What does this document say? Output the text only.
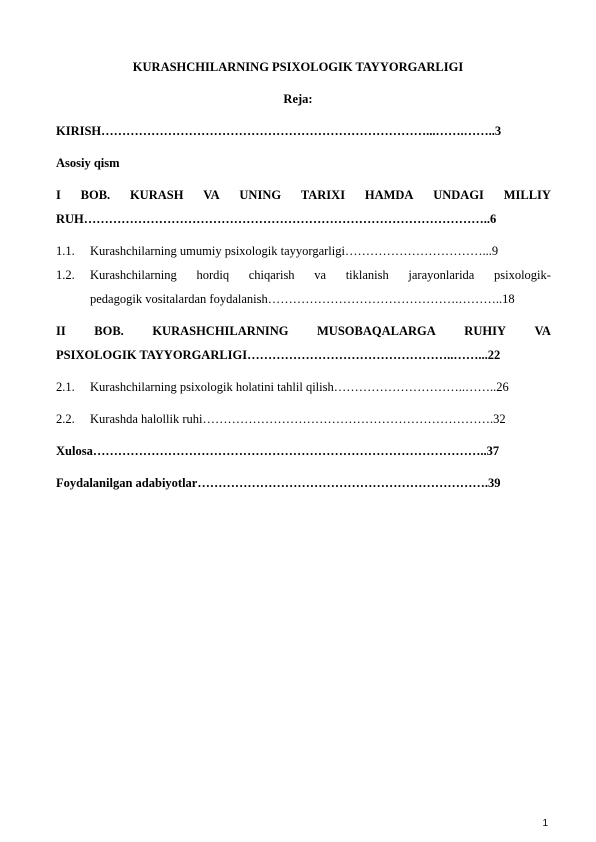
KURASHCHILARNING PSIXOLOGIK TAYYORGARLIGI
Reja:
KIRISH……………………………………………………………………...…….……..3
Asosiy qism
I BOB. KURASH VA UNING TARIXI HAMDA UNDAGI MILLIY
RUH……………………………………………………………………………………..6
1.1. Kurashchilarning umumiy psixologik tayyorgarligi……………………………...9
1.2. Kurashchilarning hordiq chiqarish va tiklanish jarayonlarida psixologik-
pedagogik vositalardan foydalanish……………………………………….………..18
II BOB. KURASHCHILARNING MUSOBAQALARGA RUHIY VA
PSIXOLOGIK TAYYORGARLIGI…………………………………………..……...22
2.1. Kurashchilarning psixologik holatini tahlil qilish…………………………..……..26
2.2. Kurashda halollik ruhi…………………………………………………………….32
Xulosa…………………………………………………………………………………..37
Foydalanilgan adabiyotlar…………………………………………………………….39
1
